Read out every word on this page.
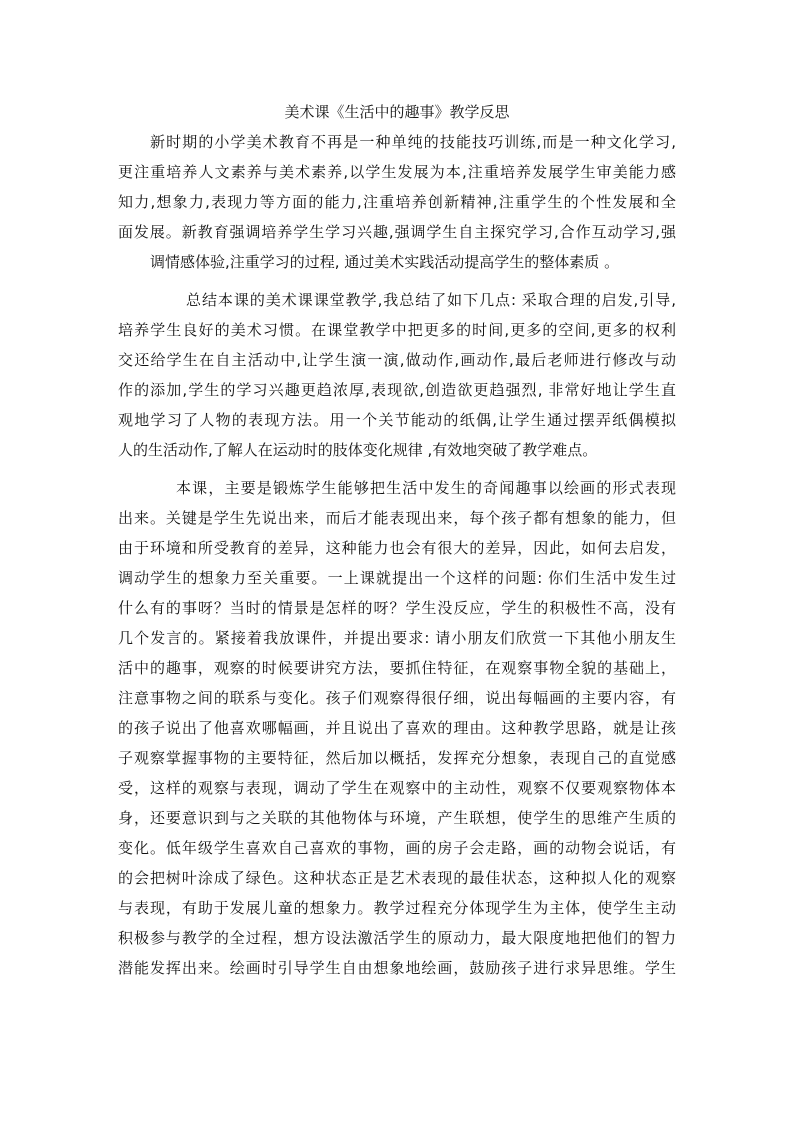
美术课《生活中的趣事》教学反思
新时期的小学美术教育不再是一种单纯的技能技巧训练,而是一种文化学习,
更注重培养人文素养与美术素养,以学生发展为本,注重培养发展学生审美能力感
知力,想象力,表现力等方面的能力,注重培养创新精神,注重学生的个性发展和全
面发展。新教育强调培养学生学习兴趣,强调学生自主探究学习,合作互动学习,强
调情感体验,注重学习的过程, 通过美术实践活动提高学生的整体素质 。
总结本课的美术课课堂教学,我总结了如下几点: 采取合理的启发,引导,
培养学生良好的美术习惯。在课堂教学中把更多的时间,更多的空间,更多的权利
交还给学生在自主活动中,让学生演一演,做动作,画动作,最后老师进行修改与动
作的添加,学生的学习兴趣更趋浓厚,表现欲,创造欲更趋强烈, 非常好地让学生直
观地学习了人物的表现方法。用一个关节能动的纸偶,让学生通过摆弄纸偶模拟
人的生活动作,了解人在运动时的肢体变化规律 ,有效地突破了教学难点。
本课，主要是锻炼学生能够把生活中发生的奇闻趣事以绘画的形式表现
出来。关键是学生先说出来，而后才能表现出来，每个孩子都有想象的能力，但
由于环境和所受教育的差异，这种能力也会有很大的差异，因此，如何去启发，
调动学生的想象力至关重要。一上课就提出一个这样的问题: 你们生活中发生过
什么有的事呀？当时的情景是怎样的呀？学生没反应，学生的积极性不高，没有
几个发言的。紧接着我放课件，并提出要求: 请小朋友们欣赏一下其他小朋友生
活中的趣事，观察的时候要讲究方法，要抓住特征，在观察事物全貌的基础上，
注意事物之间的联系与变化。孩子们观察得很仔细，说出每幅画的主要内容，有
的孩子说出了他喜欢哪幅画，并且说出了喜欢的理由。这种教学思路，就是让孩
子观察掌握事物的主要特征，然后加以概括，发挥充分想象，表现自己的直觉感
受，这样的观察与表现，调动了学生在观察中的主动性，观察不仅要观察物体本
身，还要意识到与之关联的其他物体与环境，产生联想，使学生的思维产生质的
变化。低年级学生喜欢自己喜欢的事物，画的房子会走路，画的动物会说话，有
的会把树叶涂成了绿色。这种状态正是艺术表现的最佳状态，这种拟人化的观察
与表现，有助于发展儿童的想象力。教学过程充分体现学生为主体，使学生主动
积极参与教学的全过程，想方设法激活学生的原动力，最大限度地把他们的智力
潜能发挥出来。绘画时引导学生自由想象地绘画，鼓励孩子进行求异思维。学生
